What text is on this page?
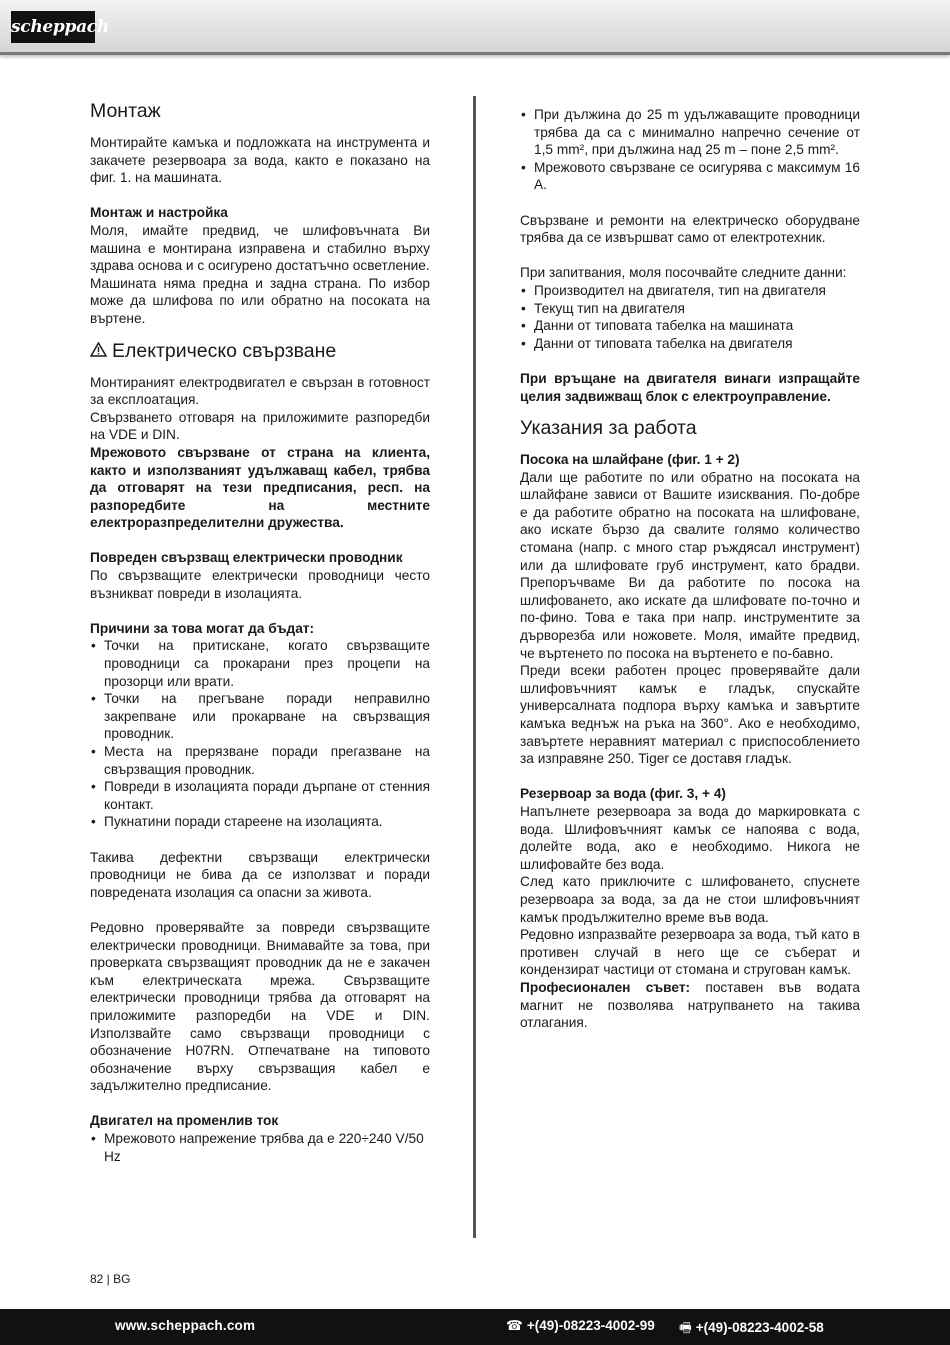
scheppach
Монтаж

Монтирайте камъка и подложката на инструмента и закачете резервоара за вода, както е показано на фиг. 1. на машината.

Монтаж и настройка

Моля, имайте предвид, че шлифовъчната Ви машина е монтирана изправена и стабилно върху здрава основа и с осигурено достатъчно осветление.

Машината няма предна и задна страна. По избор може да шлифова по или обратно на посоката на въртене.

Електрическо свързване

Монтираният електродвигател е свързан в готовност за експлоатация.

Свързването отговаря на приложимите разпоредби на VDE и DIN.

Мрежовото свързване от страна на клиента, както и използваният удължаващ кабел, трябва да отговарят на тези предписания, респ. на разпоредбите на местните електроразпределителни дружества.

Повреден свързващ електрически проводник

По свързващите електрически проводници често възникват повреди в изолацията.

Причини за това могат да бъдат:

• Точки на притискане, когато свързващите проводници са прокарани през процепи на прозорци или врати.
• Точки на прегъване поради неправилно закрепване или прокарване на свързващия проводник.
• Места на прерязване поради прегазване на свързващия проводник.
• Повреди в изолацията поради дърпане от стенния контакт.
• Пукнатини поради стареене на изолацията.

Такива дефектни свързващи електрически проводници не бива да се използват и поради повредената изолация са опасни за живота.

Редовно проверявайте за повреди свързващите електрически проводници. Внимавайте за това, при проверката свързващият проводник да не е закачен към електрическата мрежа. Свързващите електрически проводници трябва да отговарят на приложимите разпоредби на VDE и DIN. Използвайте само свързващи проводници с обозначение H07RN. Отпечатване на типовото обозначение върху свързващия кабел е задължително предписание.

Двигател на променлив ток

• Мрежовото напрежение трябва да е 220÷240 V/50 Hz
• При дължина до 25 m удължаващите проводници трябва да са с минимално напречно сечение от 1,5 mm², при дължина над 25 m – поне 2,5 mm².
• Мрежовото свързване се осигурява с максимум 16 A.

Свързване и ремонти на електрическо оборудване трябва да се извършват само от електротехник.

При запитвания, моля посочвайте следните данни:

• Производител на двигателя, тип на двигателя
• Текущ тип на двигателя
• Данни от типовата табелка на машината
• Данни от типовата табелка на двигателя

При връщане на двигателя винаги изпращайте целия задвижващ блок с електроуправление.

Указания за работа

Посока на шлайфане (фиг. 1 + 2)

Дали ще работите по или обратно на посоката на шлайфане зависи от Вашите изисквания. По-добре е да работите обратно на посоката на шлифоване, ако искате бързо да свалите голямо количество стомана (напр. с много стар ръждясал инструмент) или да шлифовате груб инструмент, като брадви. Препоръчваме Ви да работите по посока на шлифоването, ако искате да шлифовате по-точно и по-фино. Това е така при напр. инструментите за дърворезба или ножовете. Моля, имайте предвид, че въртенето по посока на въртенето е по-бавно.

Преди всеки работен процес проверявайте дали шлифовъчният камък е гладък, спускайте универсалната подпора върху камъка и завъртите камъка веднъж на ръка на 360°. Ако е необходимо, завъртете неравният материал с приспособлението за изправяне 250. Tiger се доставя гладък.

Резервоар за вода (фиг. 3, + 4)

Напълнете резервоара за вода до маркировката с вода. Шлифовъчният камък се напоява с вода, долейте вода, ако е необходимо. Никога не шлифовайте без вода.

След като приключите с шлифоването, спуснете резервоара за вода, за да не стои шлифовъчният камък продължително време във вода.

Редовно изпразвайте резервоара за вода, тъй като в противен случай в него ще се съберат и кондензират частици от стомана и стругован камък.

Професионален съвет: поставен във водата магнит не позволява натрупването на такива отлагания.

82 | BG
www.scheppach.com	☎ +(49)-08223-4002-99 🖷 +(49)-08223-4002-58
